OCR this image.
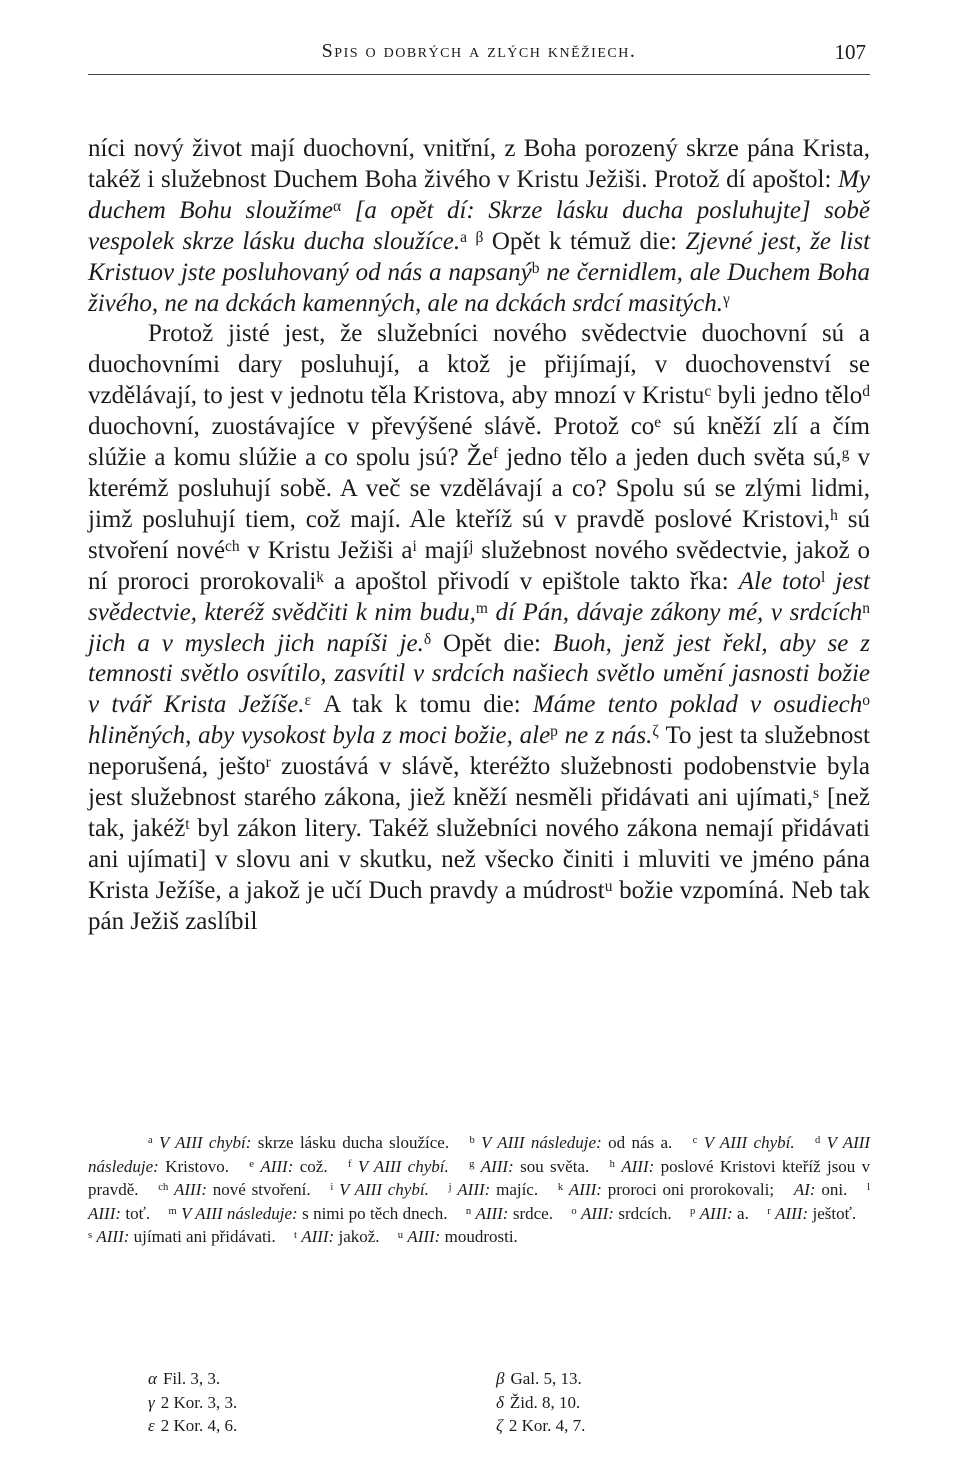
Spis o dobrých a zlých kněžiech.	107

níci nový život mají duochovní, vnitřní, z Boha porozený skrze pána Krista, takéž i služebnost Duchem Boha živého v Kristu Ježiši. Protož dí apoštol: My duchem Bohu sloužíme$^\alpha$ [a opět dí: Skrze lásku ducha posluhujte] sobě vespolek skrze lásku ducha sloužíce.$^a$ $^\beta$ Opět k témuž die: Zjevné jest, že list Kristuov jste posluhovaný od nás a napsaný$^b$ ne černidlem, ale Duchem Boha živého, ne na dckách kamenných, ale na dckách srdcí masitých.$^\gamma$

Protož jisté jest, že služebníci nového svědectvie duochovní sú a duochovními dary posluhují, a ktož je přijímají, v duochovenství se vzdělávají, to jest v jednotu těla Kristova, aby mnozí v Kristu$^c$ byli jedno tělo$^d$ duochovní, zuostávajíce v převýšené slávě. Protož $co^e$ sú kněží zlí a čím slúžie a komu slúžie a co spolu jsú? $Že^f$ jedno tělo a jeden duch světa sú,$^g$ v kterémž posluhují sobě. A več se vzdělávají a co? Spolu sú se zlými lidmi, jimž posluhují tiem, což mají. Ale kteříž sú v pravdě poslové Kristovi,$^h$ sú stvoření nové$^{ch}$ v Kristu Ježiši $a^i$ mají$^j$ služebnost nového svědectvie, jakož o ní proroci prorokovali$^k$ a apoštol přivodí v epištole takto řka: Ale toto$^l$ jest svědectvie, kteréž svědčiti k nim budu,$^m$ dí Pán, dávaje zákony mé, v srdcích$^n$ jich a v myslech jich napíši je.$^\delta$ Opět die: Buoh, jenž jest řekl, aby se z temnosti světlo osvítilo, zasvítil v srdcích našiech světlo umění jasnosti božie v tvář Krista Ježíše.$^\varepsilon$ A tak k tomu die: Máme tento poklad v osudiech$^o$ hliněných, aby vysokost byla z moci božie, ale$^p$ ne z nás.$^\zeta$ To jest ta služebnost neporušená, ještо$^r$ zuostává v slávě, kteréžto služebnosti podobenstvie byla jest služebnost starého zákona, jiež kněží nesměli přidávati ani ujímati,$^s$ [než tak, jakéž$^t$ byl zákon litery. Takéž služebníci nového zákona nemají přidávati ani ujímati] v slovu ani v skutku, než všecko činiti i mluviti ve jméno pána Krista Ježíše, a jakož je učí Duch pravdy a múdrost$^u$ božie vzpomíná. Neb tak pán Ježiš zaslíbil

$^a$ V AIII chybí: skrze lásku ducha sloužíce. $^b$ V AIII následuje: od nás a. $^c$ V AIII chybí. $^d$ V AIII následuje: Kristovo. $^e$ AIII: což. $^f$ V AIII chybí. $^g$ AIII: sou světa. $^h$ AIII: poslové Kristovi kteříž jsou v pravdě. $^{ch}$ AIII: nové stvoření. $^i$ V AIII chybí. $^j$ AIII: majíc. $^k$ AIII: proroci oni prorokovali; AI: oni. $^l$ AIII: toť. $^m$ V AIII následuje: s nimi po těch dnech. $^n$ AIII: srdce. $^o$ AIII: srdcích. $^p$ AIII: a. $^r$ AIII: ještoť. $^s$ AIII: ujímati ani přidávati. $^t$ AIII: jakož. $^u$ AIII: moudrosti.

α Fil. 3, 3.	β Gal. 5, 13.
γ 2 Kor. 3, 3.	δ Žid. 8, 10.
ε 2 Kor. 4, 6.	ζ 2 Kor. 4, 7.
